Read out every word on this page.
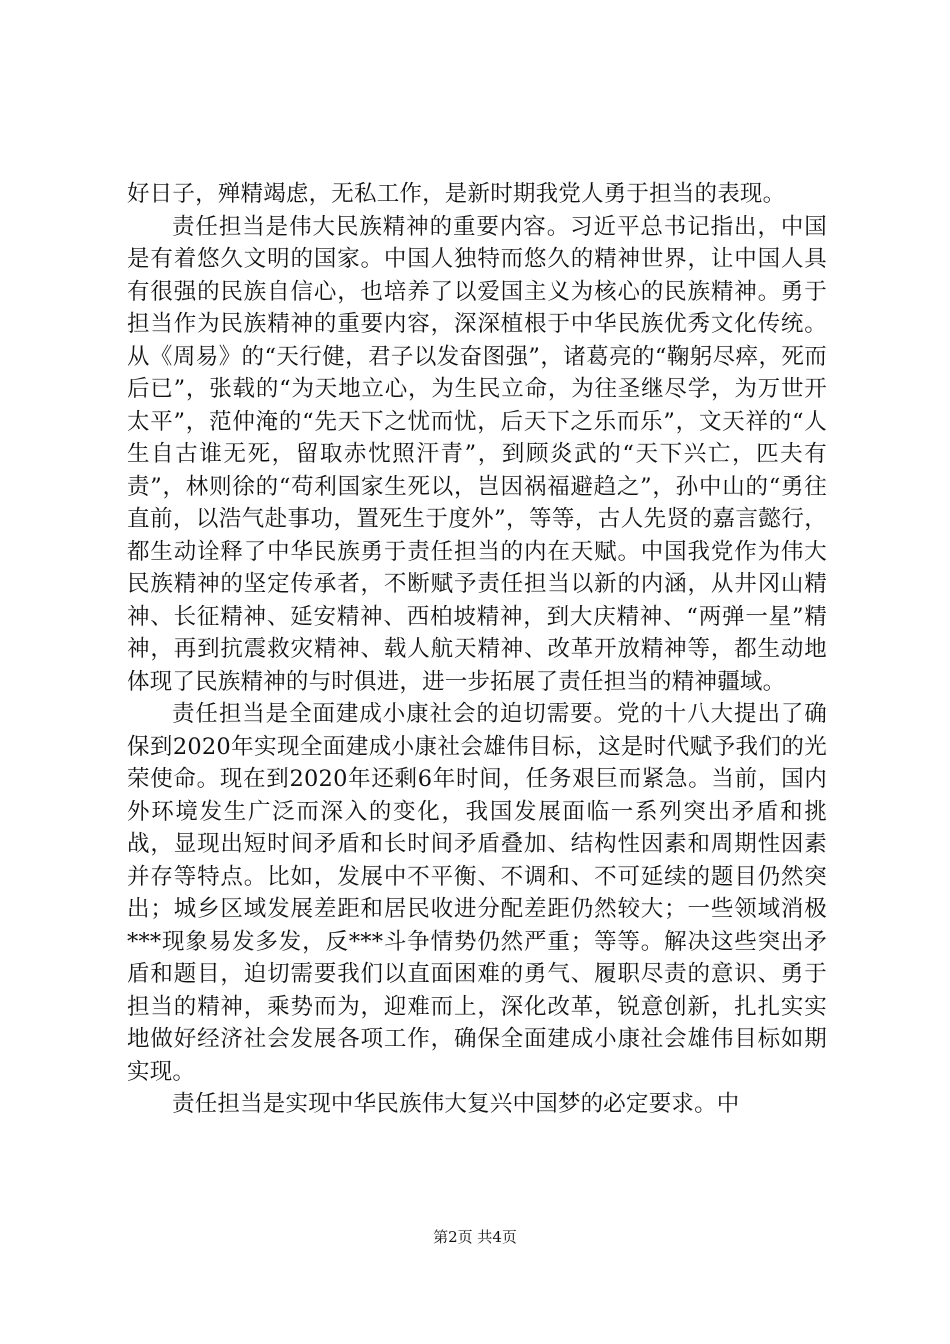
好日子，殚精竭虑，无私工作，是新时期我党人勇于担当的表现。

责任担当是伟大民族精神的重要内容。习近平总书记指出，中国是有着悠久文明的国家。中国人独特而悠久的精神世界，让中国人具有很强的民族自信心，也培养了以爱国主义为核心的民族精神。勇于担当作为民族精神的重要内容，深深植根于中华民族优秀文化传统。从《周易》的“天行健，君子以发奋图强”，诸葛亮的“鞠躬尽瘁，死而后已”，张载的“为天地立心，为生民立命，为往圣继尽学，为万世开太平”，范仲淹的“先天下之忧而忧，后天下之乐而乐”，文天祥的“人生自古谁无死，留取赤忱照汗青”，到顾炎武的“天下兴亡，匹夫有责”，林则徐的“苟利国家生死以，岂因祸福避趋之”，孙中山的“勇往直前，以浩气赴事功，置死生于度外”，等等，古人先贤的嘉言懿行，都生动诠释了中华民族勇于责任担当的内在天赋。中国我党作为伟大民族精神的坚定传承者，不断赋予责任担当以新的内涵，从井冈山精神、长征精神、延安精神、西柏坡精神，到大庆精神、“两弹一星”精神，再到抗震救灾精神、载人航天精神、改革开放精神等，都生动地体现了民族精神的与时俱进，进一步拓展了责任担当的精神疆域。

责任担当是全面建成小康社会的迫切需要。党的十八大提出了确保到2020年实现全面建成小康社会雄伟目标，这是时代赋予我们的光荣使命。现在到2020年还剩6年时间，任务艰巨而紧急。当前，国内外环境发生广泛而深入的变化，我国发展面临一系列突出矛盾和挑战，显现出短时间矛盾和长时间矛盾叠加、结构性因素和周期性因素并存等特点。比如，发展中不平衡、不调和、不可延续的题目仍然突出；城乡区域发展差距和居民收进分配差距仍然较大；一些领域消极***现象易发多发，反***斗争情势仍然严重；等等。解决这些突出矛盾和题目，迫切需要我们以直面困难的勇气、履职尽责的意识、勇于担当的精神，乘势而为，迎难而上，深化改革，锐意创新，扎扎实实地做好经济社会发展各项工作，确保全面建成小康社会雄伟目标如期实现。

责任担当是实现中华民族伟大复兴中国梦的必定要求。中

第2页 共4页
